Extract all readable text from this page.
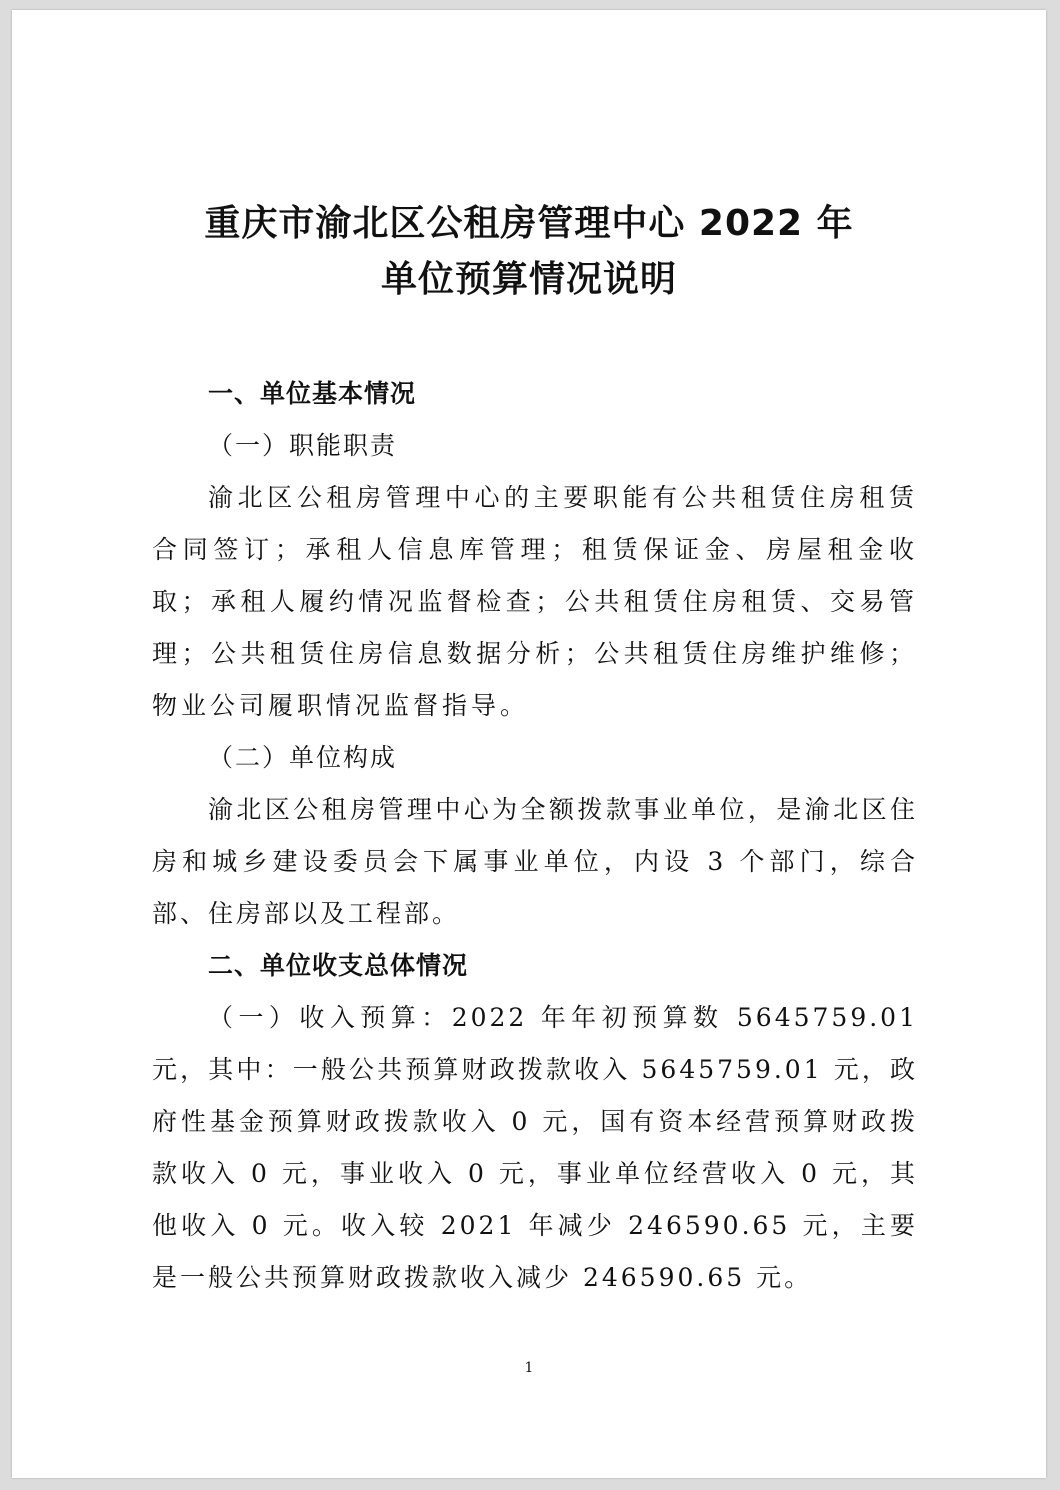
重庆市渝北区公租房管理中心 2022 年
单位预算情况说明
一、单位基本情况
（一）职能职责

渝北区公租房管理中心的主要职能有公共租赁住房租赁合同签订；承租人信息库管理；租赁保证金、房屋租金收取；承租人履约情况监督检查；公共租赁住房租赁、交易管理；公共租赁住房信息数据分析；公共租赁住房维护维修；物业公司履职情况监督指导。

（二）单位构成

渝北区公租房管理中心为全额拨款事业单位，是渝北区住房和城乡建设委员会下属事业单位，内设 3 个部门，综合部、住房部以及工程部。

二、单位收支总体情况

（一）收入预算：2022 年年初预算数 5645759.01 元，其中：一般公共预算财政拨款收入 5645759.01 元，政府性基金预算财政拨款收入 0 元，国有资本经营预算财政拨款收入 0 元，事业收入 0 元，事业单位经营收入 0 元，其他收入 0 元。收入较 2021 年减少 246590.65 元，主要是一般公共预算财政拨款收入减少 246590.65 元。

1
